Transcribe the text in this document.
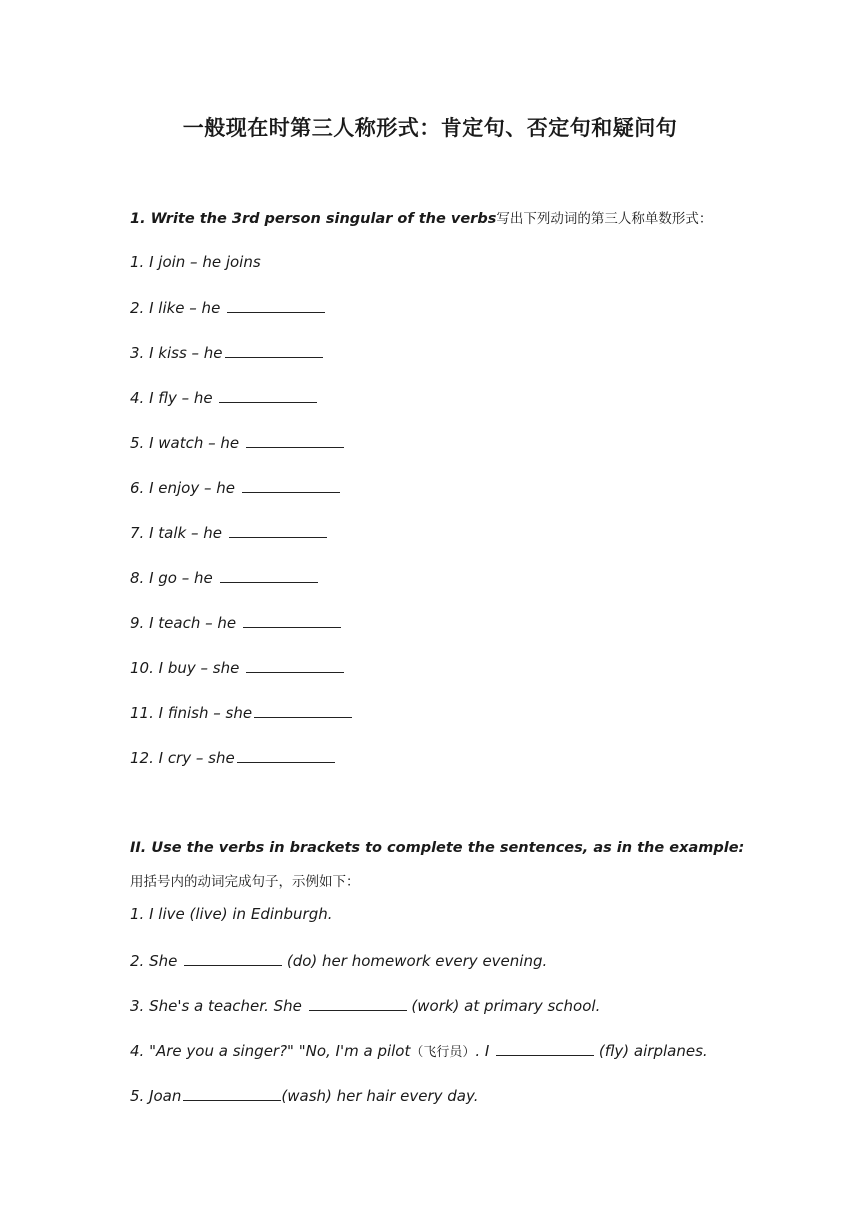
一般现在时第三人称形式：肯定句、否定句和疑问句
1. Write the 3rd person singular of the verbs写出下列动词的第三人称单数形式：
1. I join – he joins
2. I like – he
3. I kiss – he
4. I fly – he
5. I watch – he
6. I enjoy – he
7. I talk – he
8. I go – he
9. I teach – he
10. I buy – she
11. I finish – she
12. I cry – she
II. Use the verbs in brackets to complete the sentences, as in the example:用括号内的动词完成句子，示例如下：
1. I live (live) in Edinburgh.
2. She	(do) her homework every evening.
3. She's a teacher. She	(work) at primary school.
4. "Are you a singer?" "No, I'm a pilot（飞行员）. I	(fly) airplanes.
5. Joan	(wash) her hair every day.
